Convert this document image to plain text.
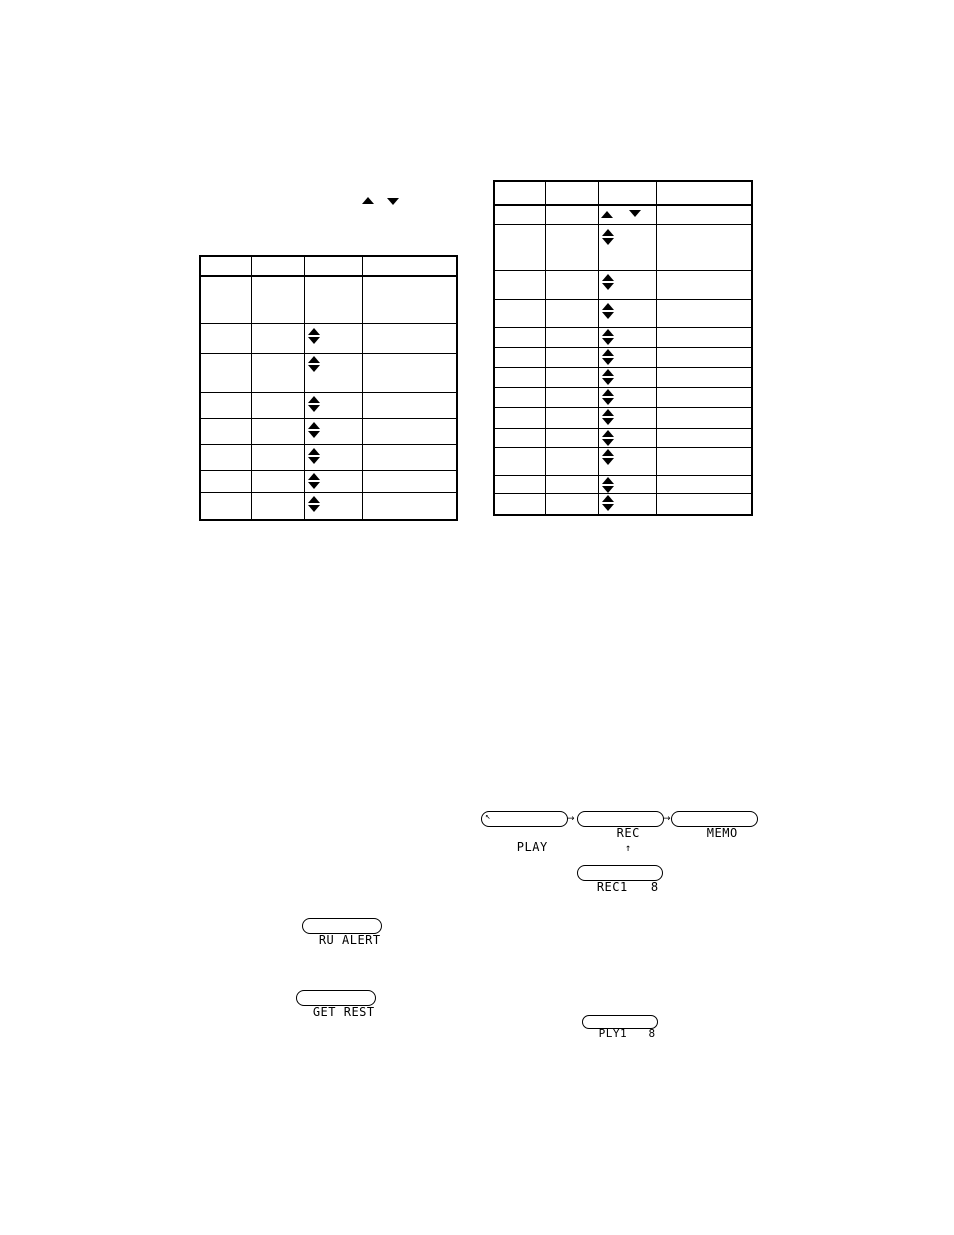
↖

PLAY

→

REC
↑

→

MEMO

REC1   8

RU ALERT

GET REST

PLY1   8
